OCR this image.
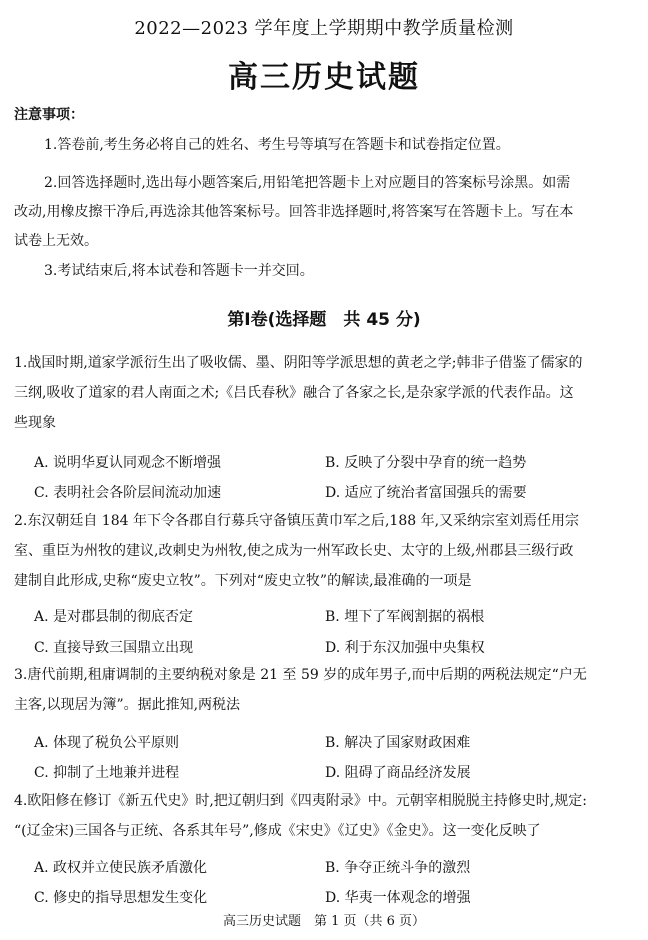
2022—2023 学年度上学期期中教学质量检测
高三历史试题
注意事项：
1.答卷前,考生务必将自己的姓名、考生号等填写在答题卡和试卷指定位置。
2.回答选择题时,选出每小题答案后,用铅笔把答题卡上对应题目的答案标号涂黑。如需
改动,用橡皮擦干净后,再选涂其他答案标号。回答非选择题时,将答案写在答题卡上。写在本
试卷上无效。
3.考试结束后,将本试卷和答题卡一并交回。
第Ⅰ卷(选择题　共 45 分)
1.战国时期,道家学派衍生出了吸收儒、墨、阴阳等学派思想的黄老之学;韩非子借鉴了儒家的
三纲,吸收了道家的君人南面之术;《吕氏春秋》融合了各家之长,是杂家学派的代表作品。这
些现象
A. 说明华夏认同观念不断增强	B. 反映了分裂中孕育的统一趋势
C. 表明社会各阶层间流动加速	D. 适应了统治者富国强兵的需要
2.东汉朝廷自 184 年下令各郡自行募兵守备镇压黄巾军之后,188 年,又采纳宗室刘焉任用宗
室、重臣为州牧的建议,改刺史为州牧,使之成为一州军政长史、太守的上级,州郡县三级行政
建制自此形成,史称“废史立牧”。下列对“废史立牧”的解读,最准确的一项是
A. 是对郡县制的彻底否定	B. 埋下了军阀割据的祸根
C. 直接导致三国鼎立出现	D. 利于东汉加强中央集权
3.唐代前期,租庸调制的主要纳税对象是 21 至 59 岁的成年男子,而中后期的两税法规定“户无
主客,以现居为簿”。据此推知,两税法
A. 体现了税负公平原则	B. 解决了国家财政困难
C. 抑制了土地兼并进程	D. 阻碍了商品经济发展
4.欧阳修在修订《新五代史》时,把辽朝归到《四夷附录》中。元朝宰相脱脱主持修史时,规定:
“(辽金宋)三国各与正统、各系其年号”,修成《宋史》《辽史》《金史》。这一变化反映了
A. 政权并立使民族矛盾激化	B. 争夺正统斗争的激烈
C. 修史的指导思想发生变化	D. 华夷一体观念的增强
高三历史试题　第 1 页（共 6 页）
